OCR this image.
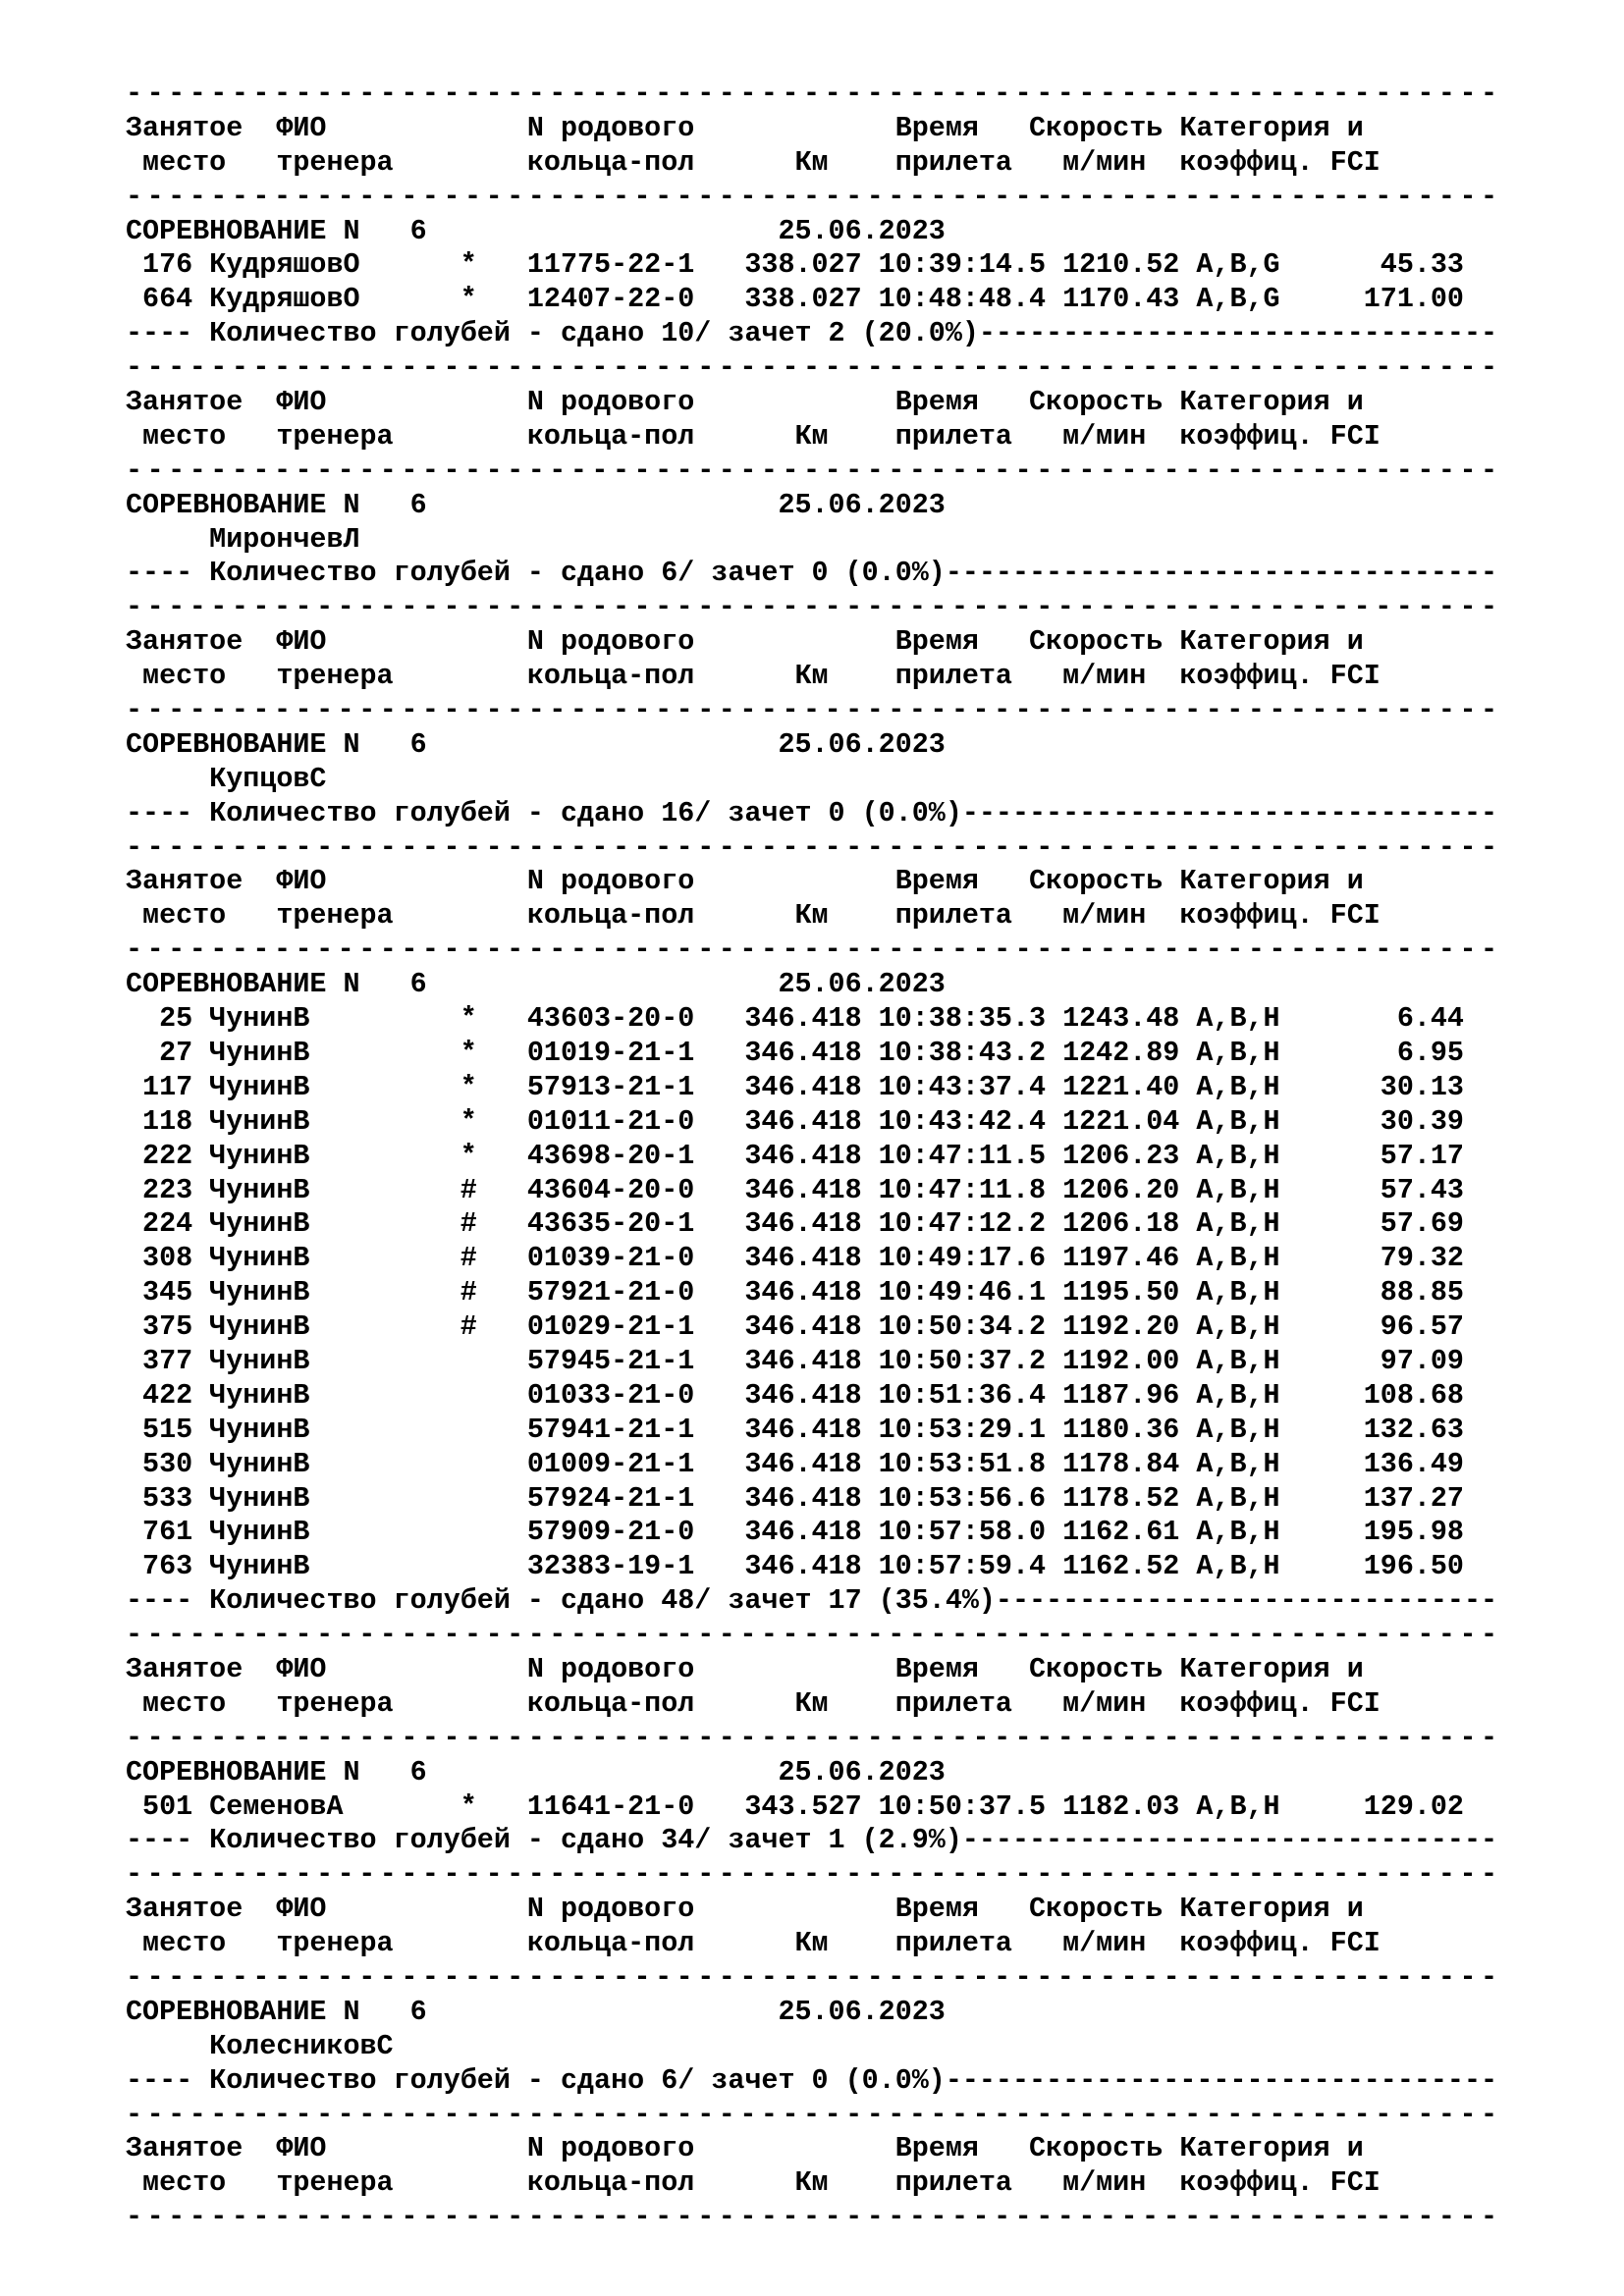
-----------------------------------------------------------------
Занятое  ФИО            N родового            Время   Скорость Категория и
место   тренера        кольца-пол      Км    прилета   м/мин  коэффиц. FCI
-----------------------------------------------------------------
СОРЕВНОВАНИЕ N   6                     25.06.2023
176 КудряшовО      *   11775-22-1   338.027 10:39:14.5 1210.52 A,B,G      45.33
664 КудряшовО      *   12407-22-0   338.027 10:48:48.4 1170.43 A,B,G     171.00
---- Количество голубей - сдано 10/ зачет 2 (20.0%)-------------------------------
-----------------------------------------------------------------
Занятое  ФИО            N родового            Время   Скорость Категория и
место   тренера        кольца-пол      Км    прилета   м/мин  коэффиц. FCI
-----------------------------------------------------------------
СОРЕВНОВАНИЕ N   6                     25.06.2023
МирончевЛ
---- Количество голубей - сдано 6/ зачет 0 (0.0%)---------------------------------
-----------------------------------------------------------------
Занятое  ФИО            N родового            Время   Скорость Категория и
место   тренера        кольца-пол      Км    прилета   м/мин  коэффиц. FCI
-----------------------------------------------------------------
СОРЕВНОВАНИЕ N   6                     25.06.2023
КупцовС
---- Количество голубей - сдано 16/ зачет 0 (0.0%)--------------------------------
-----------------------------------------------------------------
Занятое  ФИО            N родового            Время   Скорость Категория и
место   тренера        кольца-пол      Км    прилета   м/мин  коэффиц. FCI
-----------------------------------------------------------------
СОРЕВНОВАНИЕ N   6                     25.06.2023
25 ЧунинВ         *   43603-20-0   346.418 10:38:35.3 1243.48 A,B,H       6.44
27 ЧунинВ         *   01019-21-1   346.418 10:38:43.2 1242.89 A,B,H       6.95
117 ЧунинВ         *   57913-21-1   346.418 10:43:37.4 1221.40 A,B,H      30.13
118 ЧунинВ         *   01011-21-0   346.418 10:43:42.4 1221.04 A,B,H      30.39
222 ЧунинВ         *   43698-20-1   346.418 10:47:11.5 1206.23 A,B,H      57.17
223 ЧунинВ         #   43604-20-0   346.418 10:47:11.8 1206.20 A,B,H      57.43
224 ЧунинВ         #   43635-20-1   346.418 10:47:12.2 1206.18 A,B,H      57.69
308 ЧунинВ         #   01039-21-0   346.418 10:49:17.6 1197.46 A,B,H      79.32
345 ЧунинВ         #   57921-21-0   346.418 10:49:46.1 1195.50 A,B,H      88.85
375 ЧунинВ         #   01029-21-1   346.418 10:50:34.2 1192.20 A,B,H      96.57
377 ЧунинВ             57945-21-1   346.418 10:50:37.2 1192.00 A,B,H      97.09
422 ЧунинВ             01033-21-0   346.418 10:51:36.4 1187.96 A,B,H     108.68
515 ЧунинВ             57941-21-1   346.418 10:53:29.1 1180.36 A,B,H     132.63
530 ЧунинВ             01009-21-1   346.418 10:53:51.8 1178.84 A,B,H     136.49
533 ЧунинВ             57924-21-1   346.418 10:53:56.6 1178.52 A,B,H     137.27
761 ЧунинВ             57909-21-0   346.418 10:57:58.0 1162.61 A,B,H     195.98
763 ЧунинВ             32383-19-1   346.418 10:57:59.4 1162.52 A,B,H     196.50
---- Количество голубей - сдано 48/ зачет 17 (35.4%)------------------------------
-----------------------------------------------------------------
Занятое  ФИО            N родового            Время   Скорость Категория и
место   тренера        кольца-пол      Км    прилета   м/мин  коэффиц. FCI
-----------------------------------------------------------------
СОРЕВНОВАНИЕ N   6                     25.06.2023
501 СеменовА       *   11641-21-0   343.527 10:50:37.5 1182.03 A,B,H     129.02
---- Количество голубей - сдано 34/ зачет 1 (2.9%)--------------------------------
-----------------------------------------------------------------
Занятое  ФИО            N родового            Время   Скорость Категория и
место   тренера        кольца-пол      Км    прилета   м/мин  коэффиц. FCI
-----------------------------------------------------------------
СОРЕВНОВАНИЕ N   6                     25.06.2023
КолесниковС
---- Количество голубей - сдано 6/ зачет 0 (0.0%)---------------------------------
-----------------------------------------------------------------
Занятое  ФИО            N родового            Время   Скорость Категория и
место   тренера        кольца-пол      Км    прилета   м/мин  коэффиц. FCI
-----------------------------------------------------------------
